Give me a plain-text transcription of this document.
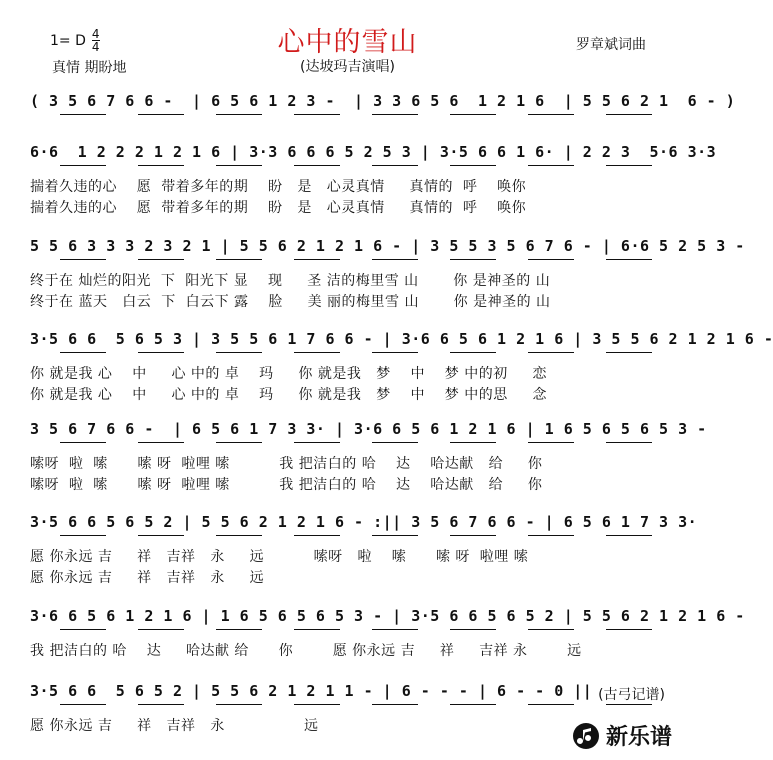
1= D $\frac{4}{4}$
真情 期盼地
心中的雪山
(达坡玛吉演唱)
罗章斌词曲
( 3 5 6 7 6 6 -  | 6 5 6 1 2 3 -  | 3 3 6 5 6  1 2 1 6  | 5 5 6 2 1  6 - )
6·6  1 2 2 2 1 2 1 6 | 3·3 6 6 6 5 2 5 3 | 3·5 6 6 1 6· | 2 2 3  5·6 3·3
揣着久违的心    愿  带着多年的期    盼   是   心灵真情     真情的  呼    唤你
揣着久违的心    愿  带着多年的期    盼   是   心灵真情     真情的  呼    唤你
5 5 6 3 3 3 2 3 2 1 | 5 5 6 2 1 2 1 6 - | 3 5 5 3 5 6 7 6 - | 6·6 5 2 5 3 -
终于在 灿烂的阳光  下  阳光下 显    现     圣 洁的梅里雪 山       你 是神圣的 山
终于在 蓝天   白云  下  白云下 露    脸     美 丽的梅里雪 山       你 是神圣的 山
3·5 6 6  5 6 5 3 | 3 5 5 6 1 7 6 6 - | 3·6 6 5 6 1 2 1 6 | 3 5 5 6 2 1 2 1 6 -
你 就是我 心    中     心 中的 卓    玛     你 就是我   梦    中    梦 中的初     恋
你 就是我 心    中     心 中的 卓    玛     你 就是我   梦    中    梦 中的思     念
3 5 6 7 6 6 -  | 6 5 6 1 7 3 3· | 3·6 6 5 6 1 2 1 6 | 1 6 5 6 5 6 5 3 -
嗦呀  啦  嗦      嗦 呀  啦哩 嗦          我 把洁白的 哈    达    哈达献   给     你
嗦呀  啦  嗦      嗦 呀  啦哩 嗦          我 把洁白的 哈    达    哈达献   给     你
3·5 6 6 5 6 5 2 | 5 5 6 2 1 2 1 6 - :|| 3 5 6 7 6 6 - | 6 5 6 1 7 3 3·
愿 你永远 吉     祥   吉祥   永     远          嗦呀   啦    嗦      嗦 呀  啦哩 嗦
愿 你永远 吉     祥   吉祥   永     远
3·6 6 5 6 1 2 1 6 | 1 6 5 6 5 6 5 3 - | 3·5 6 6 5 6 5 2 | 5 5 6 2 1 2 1 6 -
我 把洁白的 哈    达     哈达献 给      你        愿 你永远 吉     祥     吉祥 永        远
3·5 6 6  5 6 5 2 | 5 5 6 2 1 2 1 1 - | 6 - - - | 6 - - 0 ||
愿 你永远 吉     祥   吉祥   永                远
(古弓记谱)
新乐谱
